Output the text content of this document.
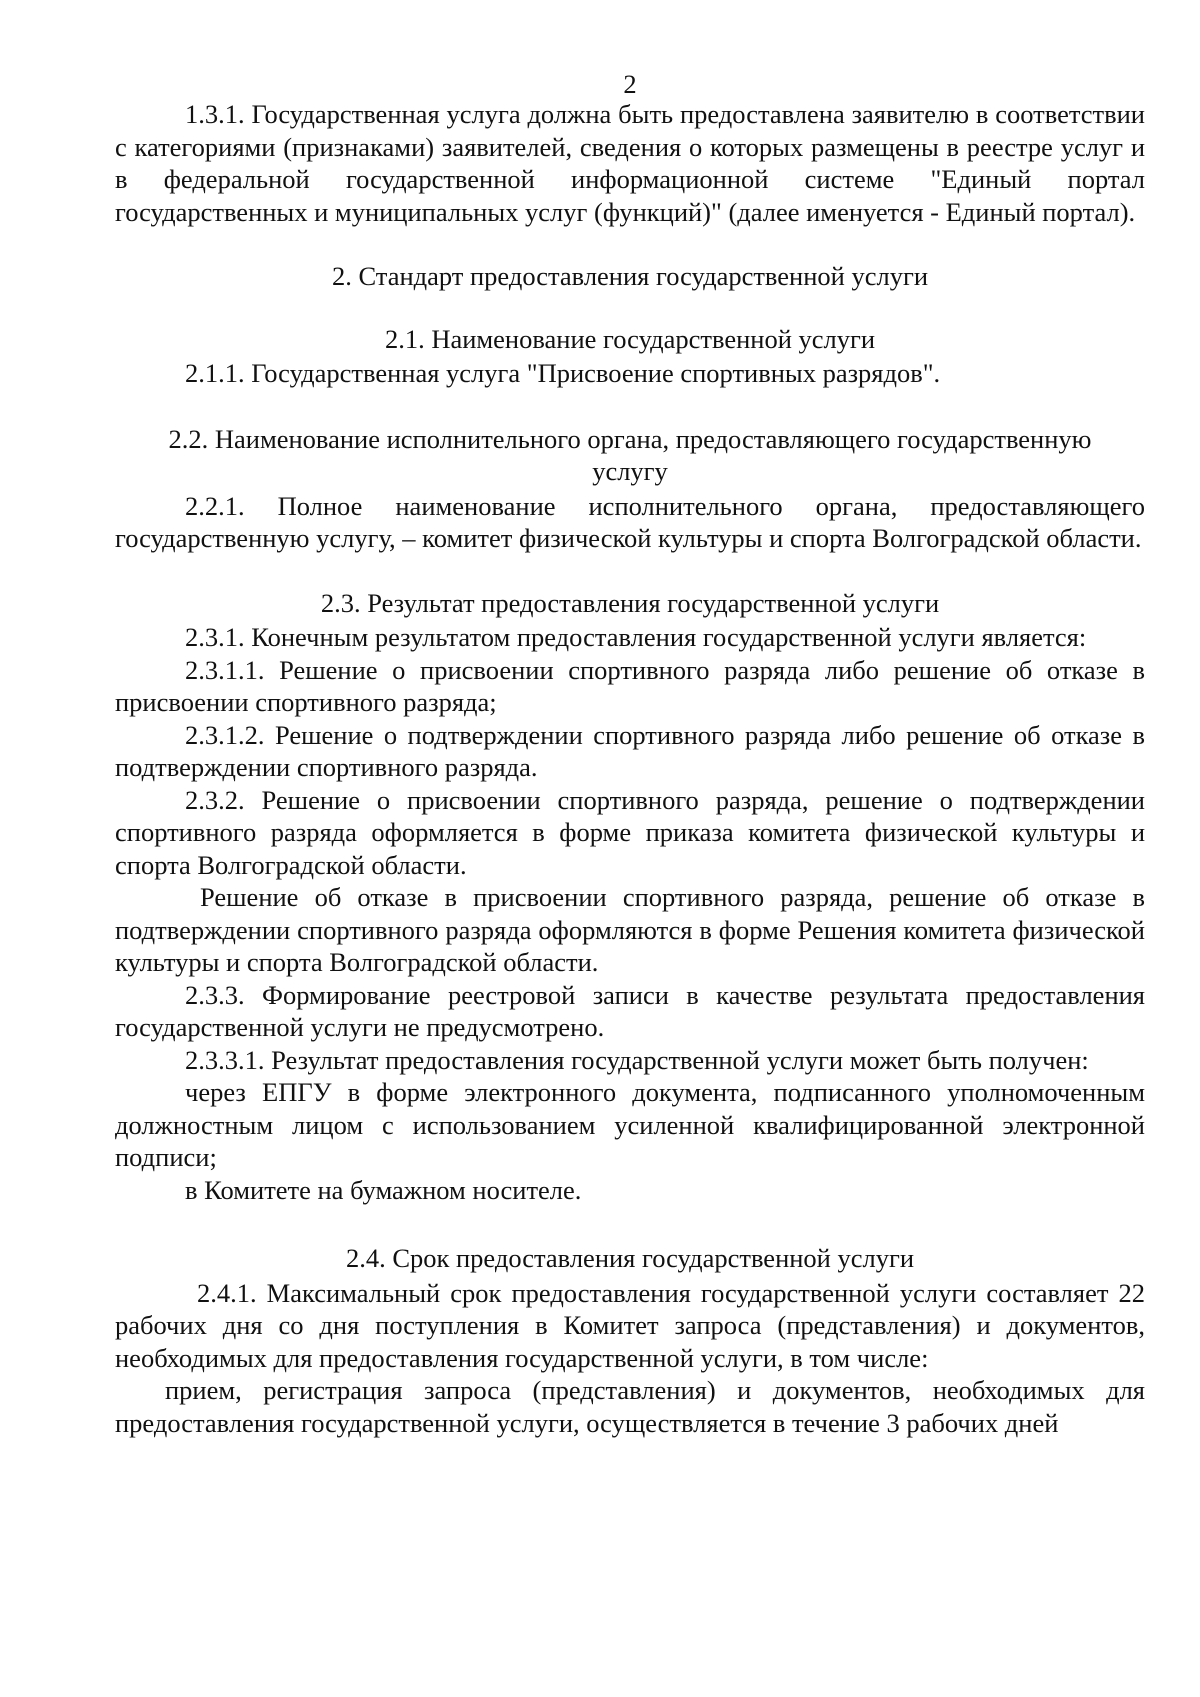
2

1.3.1. Государственная услуга должна быть предоставлена заявителю в соответствии с категориями (признаками) заявителей, сведения о которых размещены в реестре услуг и в федеральной государственной информационной системе "Единый портал государственных и муниципальных услуг (функций)" (далее именуется - Единый портал).

2. Стандарт предоставления государственной услуги

2.1. Наименование государственной услуги

2.1.1. Государственная услуга "Присвоение спортивных разрядов".

2.2. Наименование исполнительного органа, предоставляющего государственную услугу

2.2.1. Полное наименование исполнительного органа, предоставляющего государственную услугу, – комитет физической культуры и спорта Волгоградской области.

2.3. Результат предоставления государственной услуги

2.3.1. Конечным результатом предоставления государственной услуги является:

2.3.1.1. Решение о присвоении спортивного разряда либо решение об отказе в присвоении спортивного разряда;

2.3.1.2. Решение о подтверждении спортивного разряда либо решение об отказе в подтверждении спортивного разряда.

2.3.2. Решение о присвоении спортивного разряда, решение о подтверждении спортивного разряда оформляется в форме приказа комитета физической культуры и спорта Волгоградской области.

Решение об отказе в присвоении спортивного разряда, решение об отказе в подтверждении спортивного разряда оформляются в форме Решения комитета физической культуры и спорта Волгоградской области.

2.3.3. Формирование реестровой записи в качестве результата предоставления государственной услуги не предусмотрено.

2.3.3.1. Результат предоставления государственной услуги может быть получен:

через ЕПГУ в форме электронного документа, подписанного уполномоченным должностным лицом с использованием усиленной квалифицированной электронной подписи;

в Комитете на бумажном носителе.

2.4. Срок предоставления государственной услуги

2.4.1. Максимальный срок предоставления государственной услуги составляет 22 рабочих дня со дня поступления в Комитет запроса (представления) и документов, необходимых для предоставления государственной услуги, в том числе:

прием, регистрация запроса (представления) и документов, необходимых для предоставления государственной услуги, осуществляется в течение 3 рабочих дней
